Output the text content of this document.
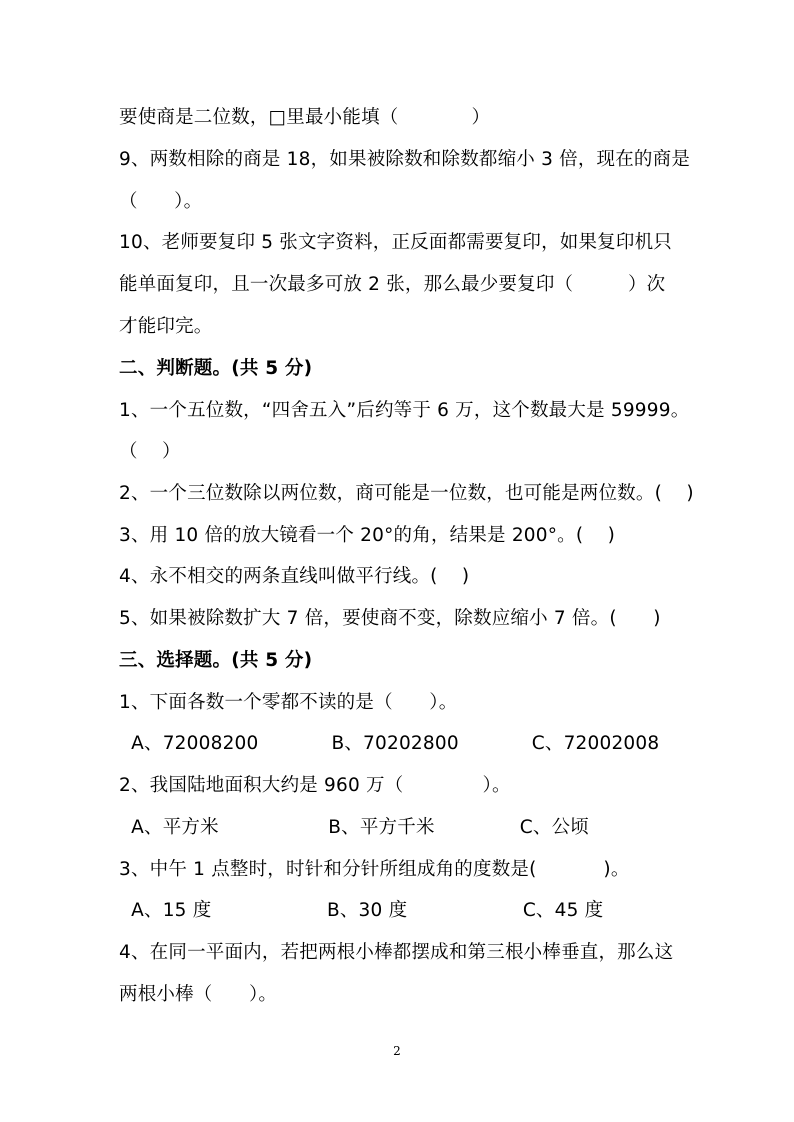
要使商是二位数，□里最小能填（            ）
9、两数相除的商是 18，如果被除数和除数都缩小 3 倍，现在的商是
（      ）。
10、老师要复印 5 张文字资料，正反面都需要复印，如果复印机只
能单面复印，且一次最多可放 2 张，那么最少要复印（         ）次
才能印完。
二、判断题。(共 5 分)
1、一个五位数，“四舍五入”后约等于 6 万，这个数最大是 59999。
（    ）
2、一个三位数除以两位数，商可能是一位数，也可能是两位数。(    )
3、用 10 倍的放大镜看一个 20°的角，结果是 200°。(    )
4、永不相交的两条直线叫做平行线。(    )
5、如果被除数扩大 7 倍，要使商不变，除数应缩小 7 倍。(      )
三、选择题。(共 5 分)
1、下面各数一个零都不读的是（      ）。
A、72008200            B、70202800            C、72002008
2、我国陆地面积大约是 960 万（             ）。
A、平方米                  B、平方千米              C、公顷
3、中午 1 点整时，时针和分针所组成角的度数是(           )。
A、15 度                   B、30 度                   C、45 度
4、在同一平面内，若把两根小棒都摆成和第三根小棒垂直，那么这
两根小棒（      ）。
2
